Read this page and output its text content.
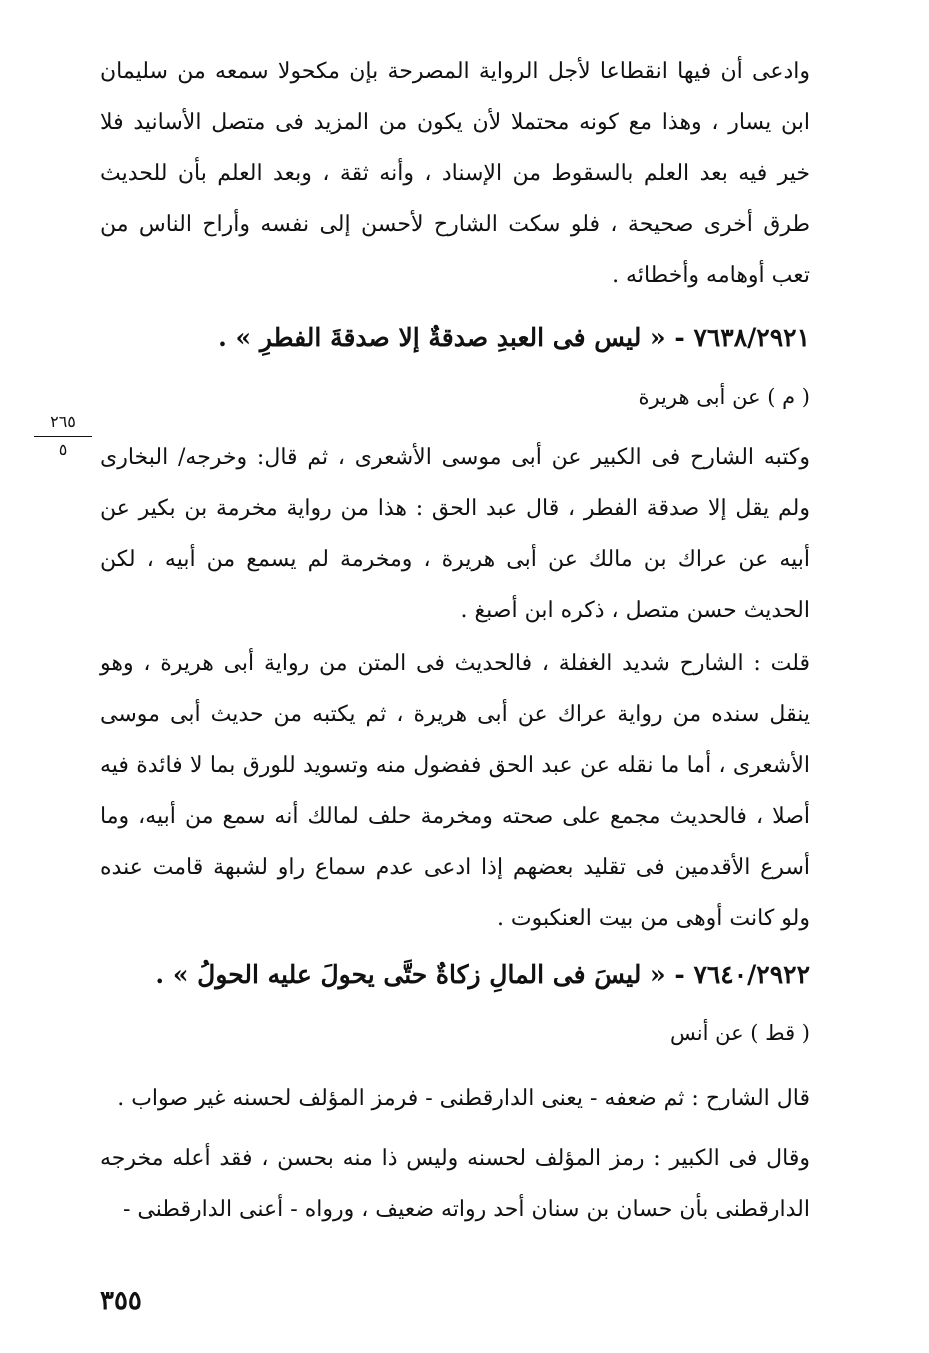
وادعى أن فيها انقطاعا لأجل الرواية المصرحة بإن مكحولا سمعه من سليمان ابن يسار ، وهذا مع كونه محتملا لأن يكون من المزيد فى متصل الأسانيد فلا خير فيه بعد العلم بالسقوط من الإسناد ، وأنه ثقة ، وبعد العلم بأن للحديث طرق أخرى صحيحة ، فلو سكت الشارح لأحسن إلى نفسه وأراح الناس من تعب أوهامه وأخطائه .
٧٦٣٨/٢٩٢١ - « ليس فى العبدِ صدقةٌ إلا صدقةَ الفطرِ » .
( م ) عن أبى هريرة
٢٦٥
٥	وكتبه الشارح فى الكبير عن أبى موسى الأشعرى ، ثم قال: وخرجه/ البخارى ولم يقل إلا صدقة الفطر ، قال عبد الحق : هذا من رواية مخرمة بن بكير عن أبيه عن عراك بن مالك عن أبى هريرة ، ومخرمة لم يسمع من أبيه ، لكن الحديث حسن متصل ، ذكره ابن أصبغ .
قلت : الشارح شديد الغفلة ، فالحديث فى المتن من رواية أبى هريرة ، وهو ينقل سنده من رواية عراك عن أبى هريرة ، ثم يكتبه من حديث أبى موسى الأشعرى ، أما ما نقله عن عبد الحق ففضول منه وتسويد للورق بما لا فائدة فيه أصلا ، فالحديث مجمع على صحته ومخرمة حلف لمالك أنه سمع من أبيه، وما أسرع الأقدمين فى تقليد بعضهم إذا ادعى عدم سماع راو لشبهة قامت عنده ولو كانت أوهى من بيت العنكبوت .
٧٦٤٠/٢٩٢٢ - « ليسَ فى المالِ زكاةٌ حتَّى يحولَ عليه الحولُ » .
( قط ) عن أنس
قال الشارح : ثم ضعفه - يعنى الدارقطنى - فرمز المؤلف لحسنه غير صواب .
وقال فى الكبير : رمز المؤلف لحسنه وليس ذا منه بحسن ، فقد أعله مخرجه الدارقطنى بأن حسان بن سنان أحد رواته ضعيف ، ورواه - أعنى الدارقطنى -
٣٥٥
